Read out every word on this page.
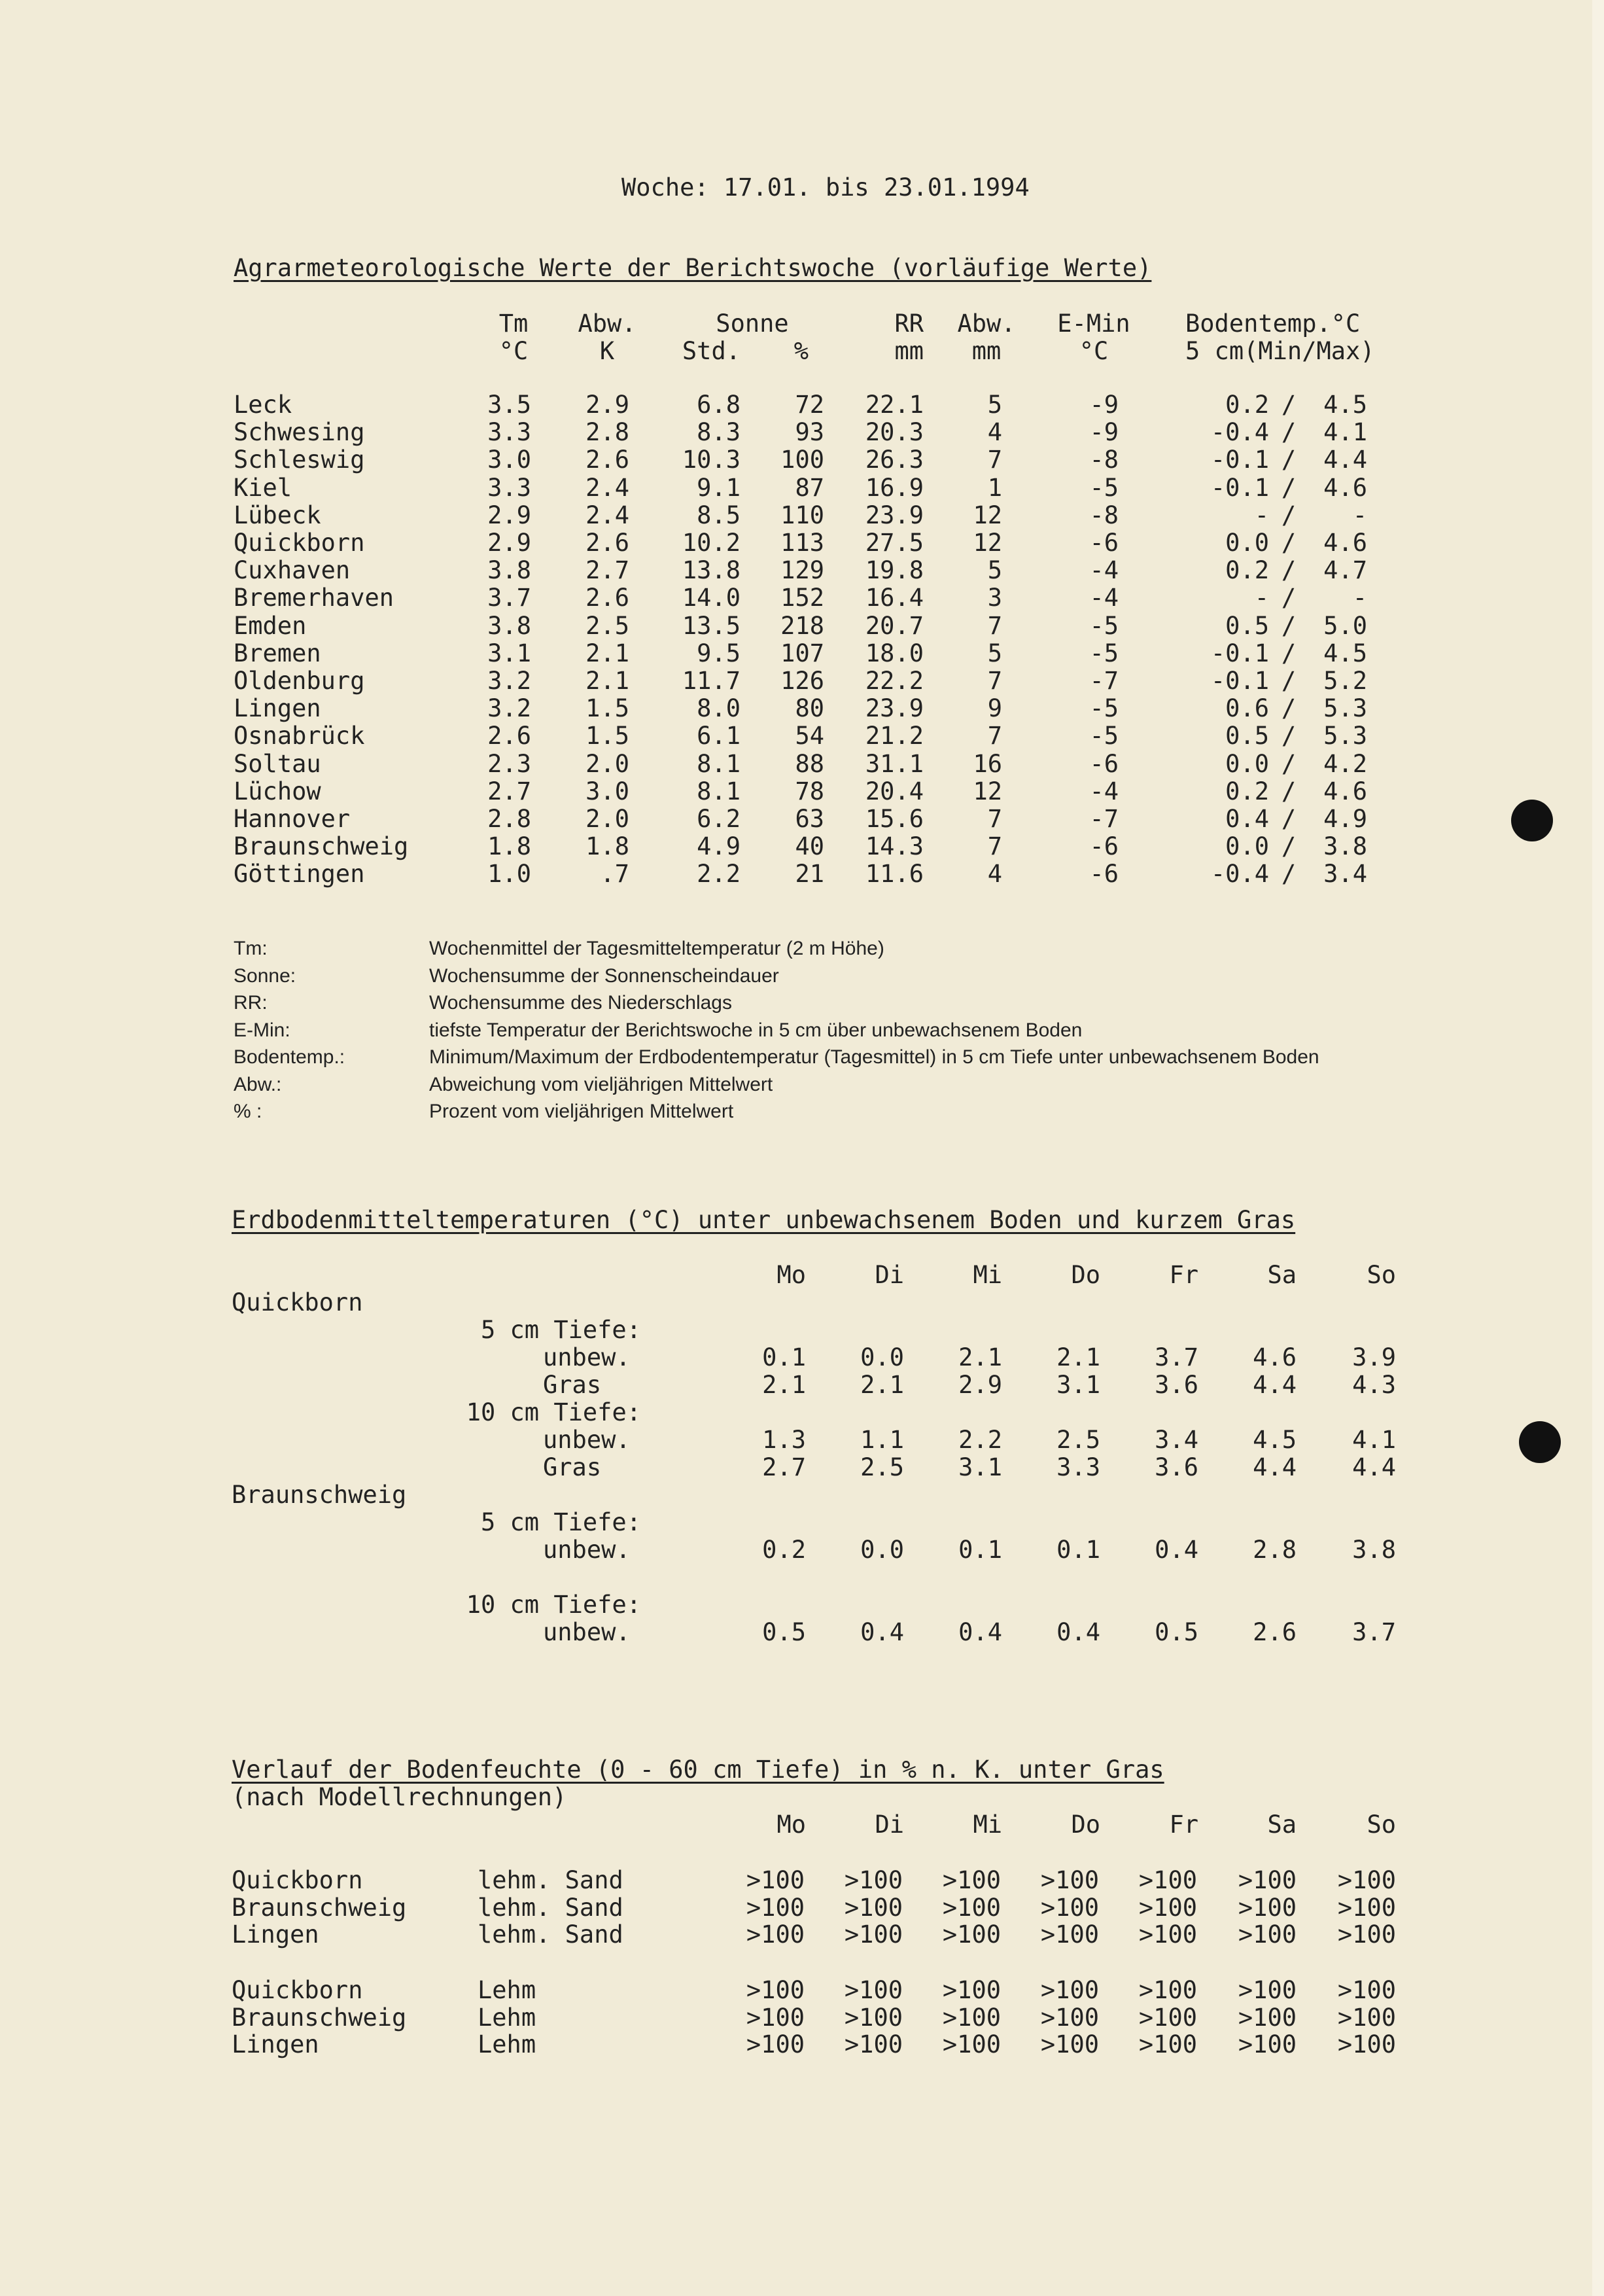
Woche: 17.01. bis 23.01.1994
Agrarmeteorologische Werte der Berichtswoche (vorläufige Werte)
Tm	Abw.	Sonne	RR	Abw.	E-Min	Bodentemp.°C
°C	K	Std.	%	mm	mm	°C	5 cm(Min/Max)
Leck	3.5	2.9	6.8	72	22.1	5	-9	0.2 /	4.5
Schwesing	3.3	2.8	8.3	93	20.3	4	-9	-0.4 /	4.1
Schleswig	3.0	2.6	10.3	100	26.3	7	-8	-0.1 /	4.4
Kiel	3.3	2.4	9.1	87	16.9	1	-5	-0.1 /	4.6
Lübeck	2.9	2.4	8.5	110	23.9	12	-8	- /	-
Quickborn	2.9	2.6	10.2	113	27.5	12	-6	0.0 /	4.6
Cuxhaven	3.8	2.7	13.8	129	19.8	5	-4	0.2 /	4.7
Bremerhaven	3.7	2.6	14.0	152	16.4	3	-4	- /	-
Emden	3.8	2.5	13.5	218	20.7	7	-5	0.5 /	5.0
Bremen	3.1	2.1	9.5	107	18.0	5	-5	-0.1 /	4.5
Oldenburg	3.2	2.1	11.7	126	22.2	7	-7	-0.1 /	5.2
Lingen	3.2	1.5	8.0	80	23.9	9	-5	0.6 /	5.3
Osnabrück	2.6	1.5	6.1	54	21.2	7	-5	0.5 /	5.3
Soltau	2.3	2.0	8.1	88	31.1	16	-6	0.0 /	4.2
Lüchow	2.7	3.0	8.1	78	20.4	12	-4	0.2 /	4.6
Hannover	2.8	2.0	6.2	63	15.6	7	-7	0.4 /	4.9
Braunschweig	1.8	1.8	4.9	40	14.3	7	-6	0.0 /	3.8
Göttingen	1.0	.7	2.2	21	11.6	4	-6	-0.4 /	3.4
Tm:	Wochenmittel der Tagesmitteltemperatur (2 m Höhe)
Sonne:	Wochensumme der Sonnenscheindauer
RR:	Wochensumme des Niederschlags
E-Min:	tiefste Temperatur der Berichtswoche in 5 cm über unbewachsenem Boden
Bodentemp.:	Minimum/Maximum der Erdbodentemperatur (Tagesmittel) in 5 cm Tiefe unter unbewachsenem Boden
Abw.:	Abweichung vom vieljährigen Mittelwert
% :	Prozent vom vieljährigen Mittelwert
Erdbodenmitteltemperaturen (°C) unter unbewachsenem Boden und kurzem Gras
Mo	Di	Mi	Do	Fr	Sa	So
Quickborn
5 cm Tiefe:
unbew.	0.1	0.0	2.1	2.1	3.7	4.6	3.9
Gras	2.1	2.1	2.9	3.1	3.6	4.4	4.3
10 cm Tiefe:
unbew.	1.3	1.1	2.2	2.5	3.4	4.5	4.1
Gras	2.7	2.5	3.1	3.3	3.6	4.4	4.4
Braunschweig
5 cm Tiefe:
unbew.	0.2	0.0	0.1	0.1	0.4	2.8	3.8
10 cm Tiefe:
unbew.	0.5	0.4	0.4	0.4	0.5	2.6	3.7
Verlauf der Bodenfeuchte (0 - 60 cm Tiefe) in % n. K. unter Gras
(nach Modellrechnungen)
Mo	Di	Mi	Do	Fr	Sa	So
Quickborn	lehm. Sand	>100	>100	>100	>100	>100	>100	>100
Braunschweig	lehm. Sand	>100	>100	>100	>100	>100	>100	>100
Lingen	lehm. Sand	>100	>100	>100	>100	>100	>100	>100
Quickborn	Lehm	>100	>100	>100	>100	>100	>100	>100
Braunschweig	Lehm	>100	>100	>100	>100	>100	>100	>100
Lingen	Lehm	>100	>100	>100	>100	>100	>100	>100
